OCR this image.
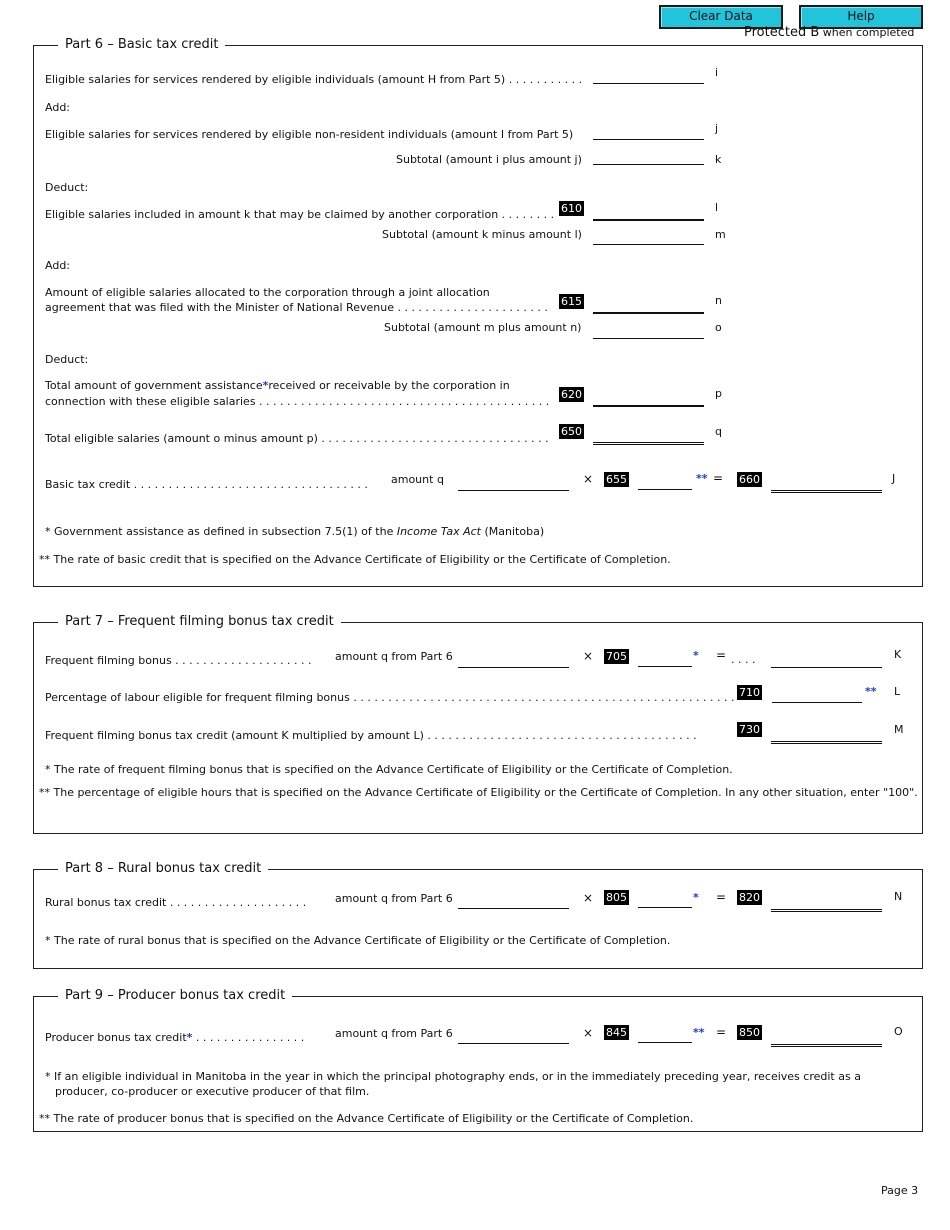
Clear Data	Help
Protected B when completed
Part 6 – Basic tax credit
Eligible salaries for services rendered by eligible individuals (amount H from Part 5) . . . . . . . . . . .
i
Add:
Eligible salaries for services rendered by eligible non-resident individuals (amount I from Part 5)	j
Subtotal (amount i plus amount j)	k
Deduct:
Eligible salaries included in amount k that may be claimed by another corporation . . . . . . . . 610	l
Subtotal (amount k minus amount l)	m
Add:
Amount of eligible salaries allocated to the corporation through a joint allocation
agreement that was filed with the Minister of National Revenue . . . . . . . . . . . . . . . . . . . . . . 615	n
Subtotal (amount m plus amount n)	o
Deduct:
Total amount of government assistance*received or receivable by the corporation in
connection with these eligible salaries . . . . . . . . . . . . . . . . . . . . . . . . . . . . . . . . . . . . . . . . . .
620	p
Total eligible salaries (amount o minus amount p) . . . . . . . . . . . . . . . . . . . . . . . . . . . . . . . . .
650	q
Basic tax credit . . . . . . . . . . . . . . . . . . . . . . . . . . . . . . . . . . amount q	× 655	** = 660	J
* Government assistance as defined in subsection 7.5(1) of the Income Tax Act (Manitoba)
** The rate of basic credit that is specified on the Advance Certificate of Eligibility or the Certificate of Completion.
Part 7 – Frequent filming bonus tax credit
Frequent filming bonus . . . . . . . . . . . . . . . . . . . . amount q from Part 6	× 705	* = . . . .	K
Percentage of labour eligible for frequent filming bonus . . . . . . . . . . . . . . . . . . . . . . . . . . . . . . . . . . . . . . . . . . . . . . . . . . . . . . . 710	** L
Frequent filming bonus tax credit (amount K multiplied by amount L) . . . . . . . . . . . . . . . . . . . . . . . . . . . . . . . . . . . . . . .	730	M
* The rate of frequent filming bonus that is specified on the Advance Certificate of Eligibility or the Certificate of Completion.
** The percentage of eligible hours that is specified on the Advance Certificate of Eligibility or the Certificate of Completion. In any other situation, enter "100".
Part 8 – Rural bonus tax credit
Rural bonus tax credit . . . . . . . . . . . . . . . . . . . .	amount q from Part 6	× 805	* = 820	N
* The rate of rural bonus that is specified on the Advance Certificate of Eligibility or the Certificate of Completion.
Part 9 – Producer bonus tax credit
Producer bonus tax credit* . . . . . . . . . . . . . . . .	amount q from Part 6	× 845	** = 850	O
* If an eligible individual in Manitoba in the year in which the principal photography ends, or in the immediately preceding year, receives credit as a
producer, co-producer or executive producer of that film.
** The rate of producer bonus that is specified on the Advance Certificate of Eligibility or the Certificate of Completion.
Page 3
